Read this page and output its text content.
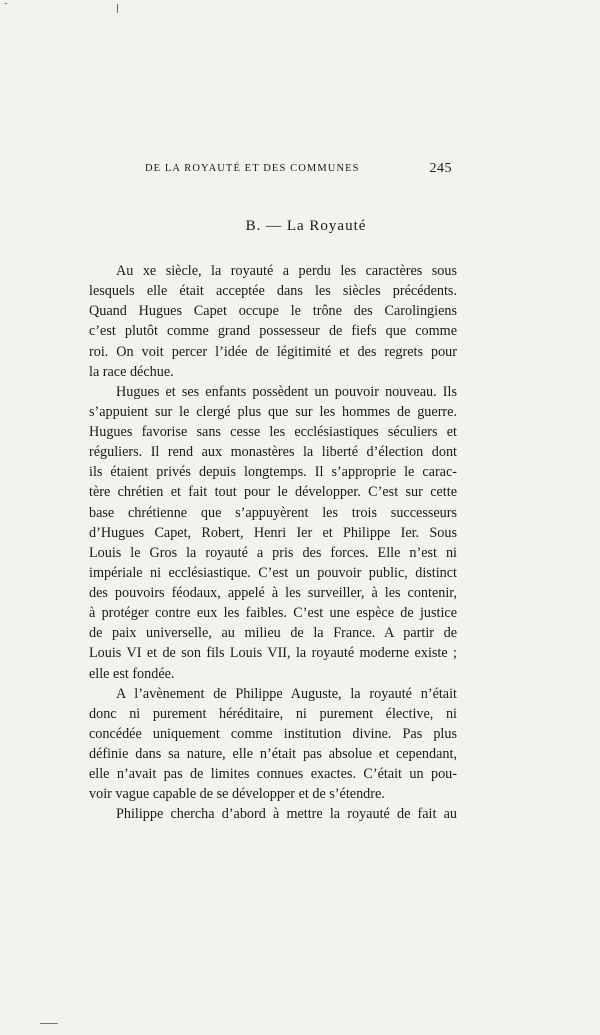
DE LA ROYAUTÉ ET DES COMMUNES	245
B. — La Royauté
Au xe siècle, la royauté a perdu les caractères sous
lesquels elle était acceptée dans les siècles précédents.
Quand Hugues Capet occupe le trône des Carolingiens
c’est plutôt comme grand possesseur de fiefs que comme
roi. On voit percer l’idée de légitimité et des regrets pour
la race déchue.
Hugues et ses enfants possèdent un pouvoir nouveau. Ils
s’appuient sur le clergé plus que sur les hommes de guerre.
Hugues favorise sans cesse les ecclésiastiques séculiers et
réguliers. Il rend aux monastères la liberté d’élection dont
ils étaient privés depuis longtemps. Il s’approprie le carac-
tère chrétien et fait tout pour le développer. C’est sur cette
base chrétienne que s’appuyèrent les trois successeurs
d’Hugues Capet, Robert, Henri Ier et Philippe Ier. Sous
Louis le Gros la royauté a pris des forces. Elle n’est ni
impériale ni ecclésiastique. C’est un pouvoir public, distinct
des pouvoirs féodaux, appelé à les surveiller, à les contenir,
à protéger contre eux les faibles. C’est une espèce de justice
de paix universelle, au milieu de la France. A partir de
Louis VI et de son fils Louis VII, la royauté moderne existe ;
elle est fondée.
A l’avènement de Philippe Auguste, la royauté n’était
donc ni purement héréditaire, ni purement élective, ni
concédée uniquement comme institution divine. Pas plus
définie dans sa nature, elle n’était pas absolue et cependant,
elle n’avait pas de limites connues exactes. C’était un pou-
voir vague capable de se développer et de s’étendre.
Philippe chercha d’abord à mettre la royauté de fait au
